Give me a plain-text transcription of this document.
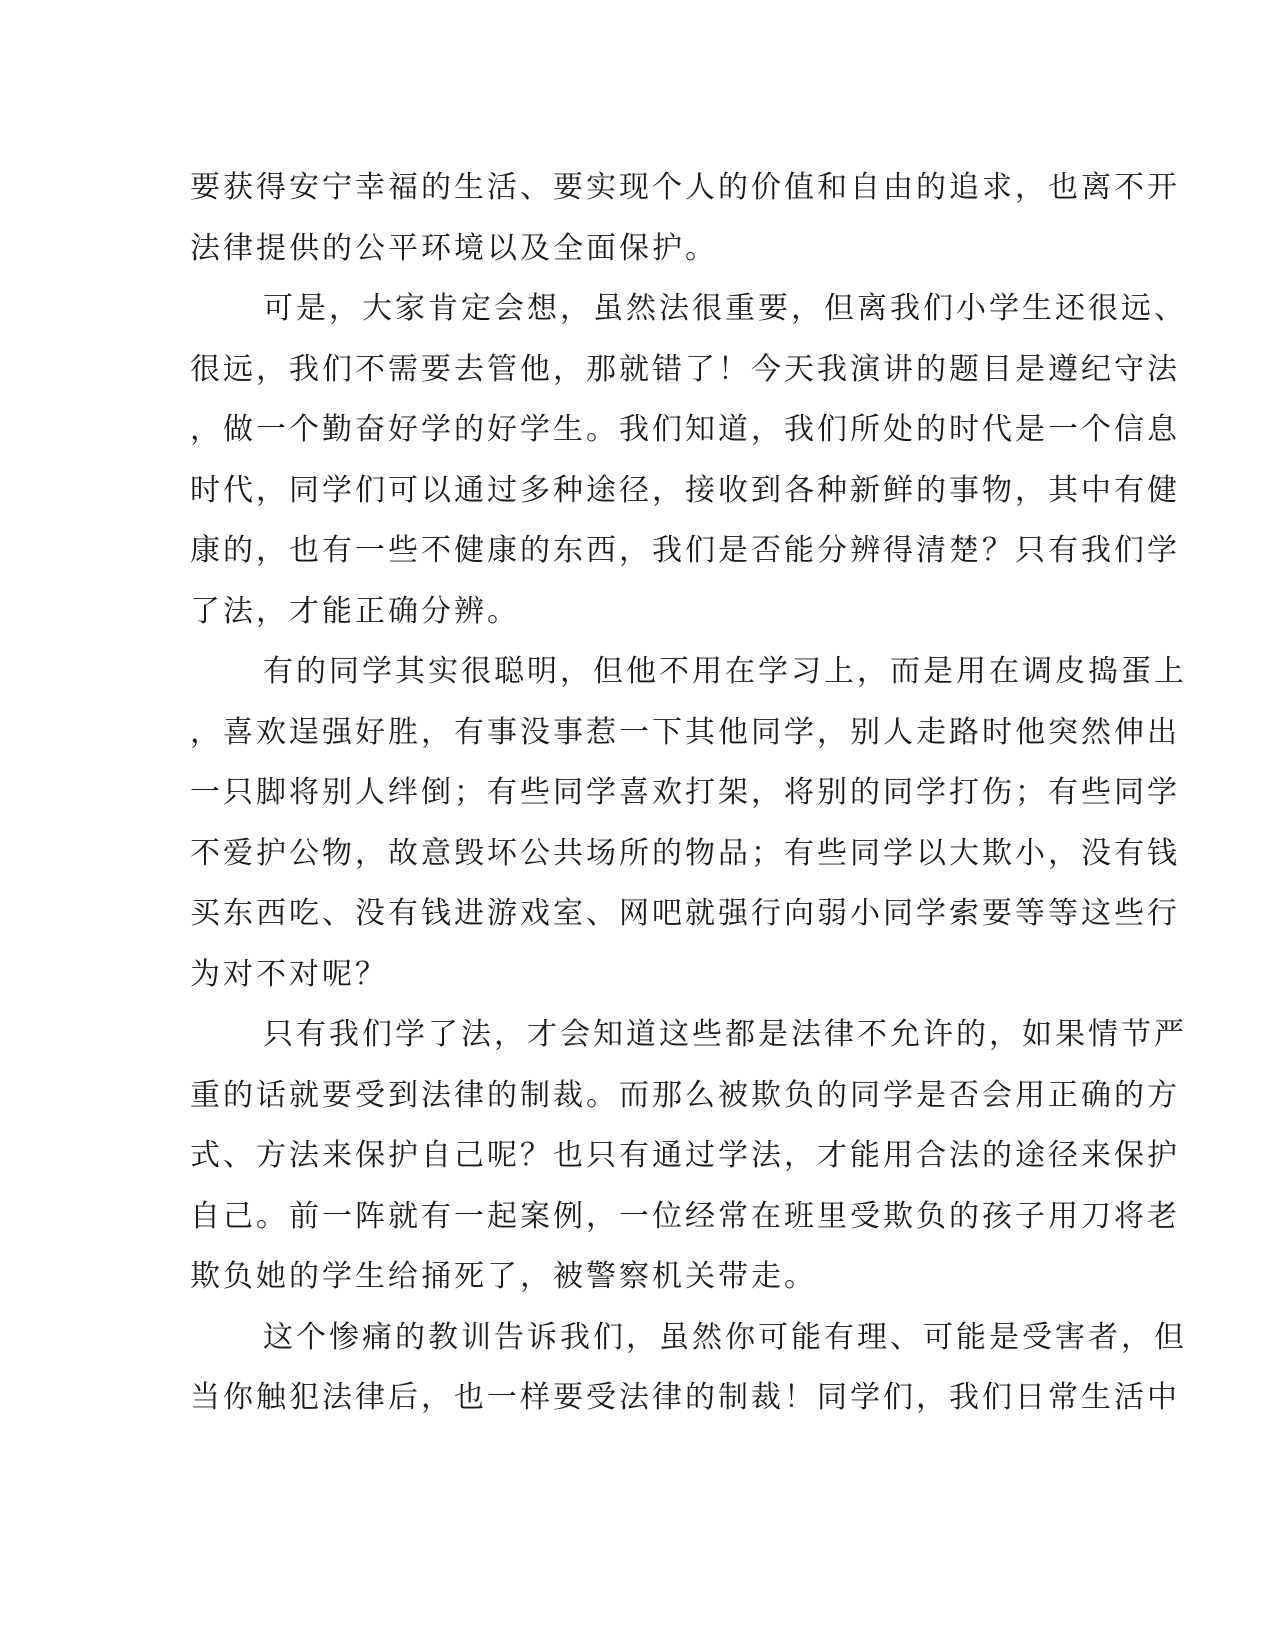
要获得安宁幸福的生活、要实现个人的价值和自由的追求，也离不开
法律提供的公平环境以及全面保护。
可是，大家肯定会想，虽然法很重要，但离我们小学生还很远、
很远，我们不需要去管他，那就错了！今天我演讲的题目是遵纪守法
，做一个勤奋好学的好学生。我们知道，我们所处的时代是一个信息
时代，同学们可以通过多种途径，接收到各种新鲜的事物，其中有健
康的，也有一些不健康的东西，我们是否能分辨得清楚？只有我们学
了法，才能正确分辨。
有的同学其实很聪明，但他不用在学习上，而是用在调皮捣蛋上
，喜欢逞强好胜，有事没事惹一下其他同学，别人走路时他突然伸出
一只脚将别人绊倒；有些同学喜欢打架，将别的同学打伤；有些同学
不爱护公物，故意毁坏公共场所的物品；有些同学以大欺小，没有钱
买东西吃、没有钱进游戏室、网吧就强行向弱小同学索要等等这些行
为对不对呢？
只有我们学了法，才会知道这些都是法律不允许的，如果情节严
重的话就要受到法律的制裁。而那么被欺负的同学是否会用正确的方
式、方法来保护自己呢？也只有通过学法，才能用合法的途径来保护
自己。前一阵就有一起案例，一位经常在班里受欺负的孩子用刀将老
欺负她的学生给捅死了，被警察机关带走。
这个惨痛的教训告诉我们，虽然你可能有理、可能是受害者，但
当你触犯法律后，也一样要受法律的制裁！同学们，我们日常生活中
